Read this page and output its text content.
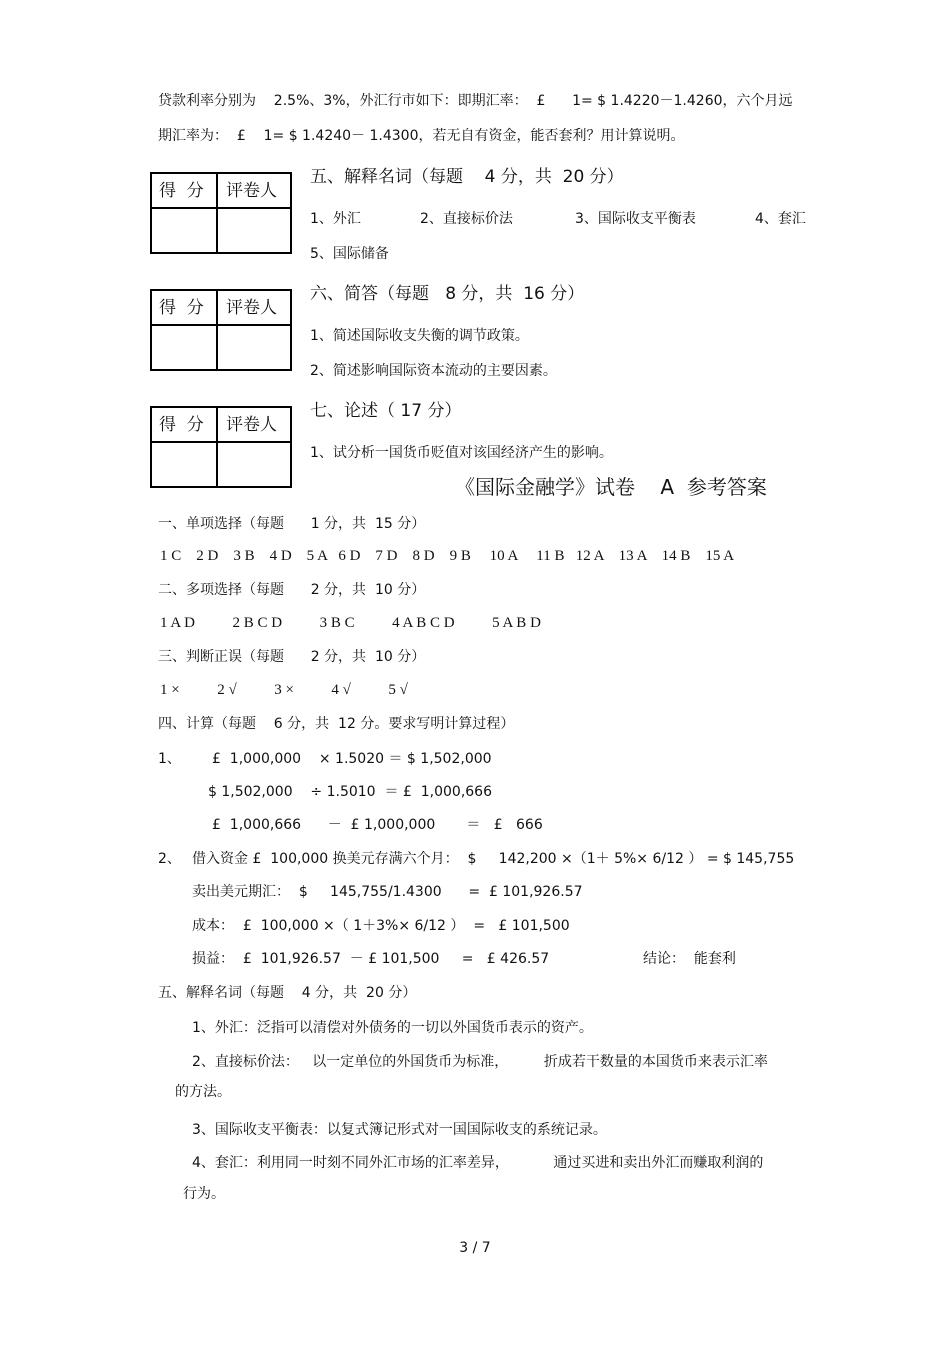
贷款利率分别为    2.5%、3%，外汇行市如下：即期汇率：  £      1= $ 1.4220－1.4260，六个月远
期汇率为：  £    1= $ 1.4240－ 1.4300，若无自有资金，能否套利？用计算说明。
得  分 评卷人
五、解释名词（每题    4 分，共  20 分）
1、外汇	2、直接标价法	3、国际收支平衡表	4、套汇
5、国际储备
得  分 评卷人
六、简答（每题   8 分，共  16 分）
1、简述国际收支失衡的调节政策。
2、简述影响国际资本流动的主要因素。
得  分 评卷人
七、论述（ 17 分）
1、试分析一国货币贬值对该国经济产生的影响。
《国际金融学》试卷    A  参考答案
一、单项选择（每题      1 分，共  15 分）
1 C    2 D    3 B    4 D    5 A   6 D    7 D    8 D    9 B     10 A     11 B   12 A    13 A    14 B    15 A
二、多项选择（每题      2 分，共  10 分）
1 A D          2 B C D          3 B C          4 A B C D          5 A B D
三、判断正误（每题      2 分，共  10 分）
1 ×          2 √          3 ×          4 √          5 √
四、计算（每题    6 分，共  12 分。要求写明计算过程）
1、 £  1,000,000    × 1.5020 ＝ $ 1,502,000
$ 1,502,000    ÷ 1.5010  ＝ £  1,000,666
£  1,000,666      －  £ 1,000,000       ＝   £   666
2、 借入资金 £  100,000 换美元存满六个月：  $     142,200 ×（1＋ 5%× 6/12 ） = $ 145,755
卖出美元期汇：  $     145,755/1.4300      =  £ 101,926.57
成本：  £  100,000 ×（ 1＋3%× 6/12 ）  =   £ 101,500
损益：  £  101,926.57  － £ 101,500     =   £ 426.57	结论：  能套利
五、解释名词（每题    4 分，共  20 分）
1、外汇：泛指可以清偿对外债务的一切以外国货币表示的资产。
2、直接标价法：   以一定单位的外国货币为标准，        折成若干数量的本国货币来表示汇率
的方法。
3、国际收支平衡表：以复式簿记形式对一国国际收支的系统记录。
4、套汇：利用同一时刻不同外汇市场的汇率差异，          通过买进和卖出外汇而赚取利润的
行为。
3 / 7
